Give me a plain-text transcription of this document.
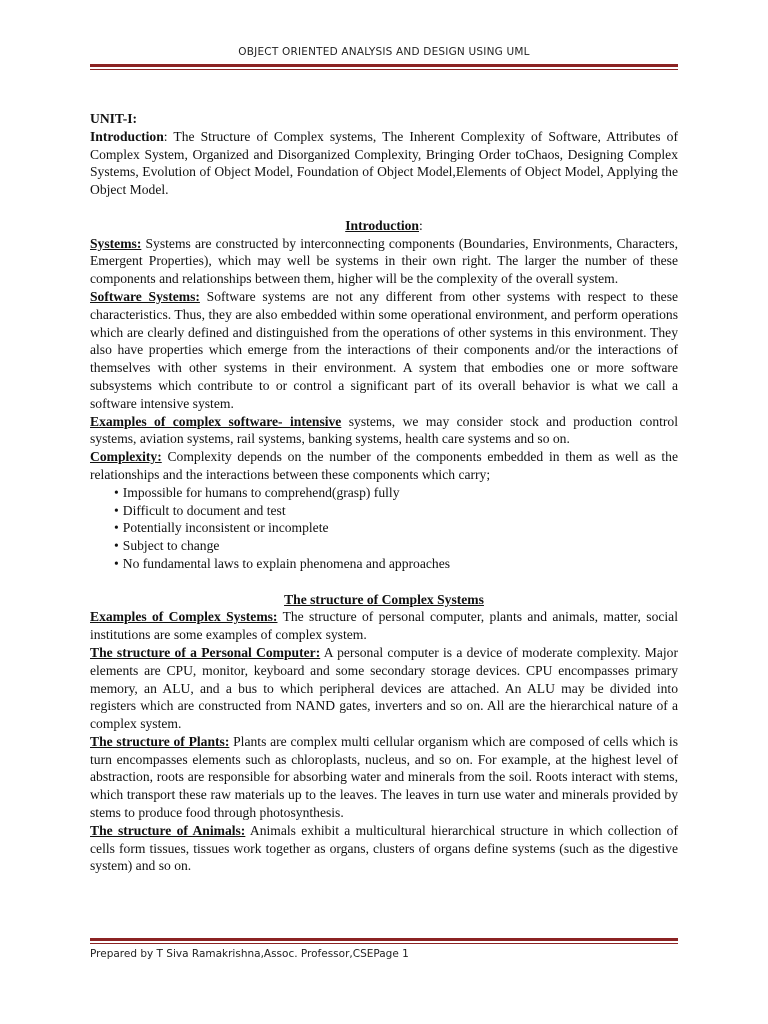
OBJECT ORIENTED ANALYSIS AND DESIGN USING UML

UNIT-I:

Introduction: The Structure of Complex systems, The Inherent Complexity of Software, Attributes of Complex System, Organized and Disorganized Complexity, Bringing Order toChaos, Designing Complex Systems, Evolution of Object Model, Foundation of Object Model,Elements of Object Model, Applying the Object Model.

Introduction:

Systems: Systems are constructed by interconnecting components (Boundaries, Environments, Characters, Emergent Properties), which may well be systems in their own right. The larger the number of these components and relationships between them, higher will be the complexity of the overall system.

Software Systems: Software systems are not any different from other systems with respect to these characteristics. Thus, they are also embedded within some operational environment, and perform operations which are clearly defined and distinguished from the operations of other systems in this environment. They also have properties which emerge from the interactions of their components and/or the interactions of themselves with other systems in their environment. A system that embodies one or more software subsystems which contribute to or control a significant part of its overall behavior is what we call a software intensive system.

Examples of complex software- intensive systems, we may consider stock and production control systems, aviation systems, rail systems, banking systems, health care systems and so on.

Complexity: Complexity depends on the number of the components embedded in them as well as the relationships and the interactions between these components which carry;

• Impossible for humans to comprehend(grasp) fully
• Difficult to document and test
• Potentially inconsistent or incomplete
• Subject to change
• No fundamental laws to explain phenomena and approaches

The structure of Complex Systems

Examples of Complex Systems: The structure of personal computer, plants and animals, matter, social institutions are some examples of complex system.

The structure of a Personal Computer: A personal computer is a device of moderate complexity. Major elements are CPU, monitor, keyboard and some secondary storage devices. CPU encompasses primary memory, an ALU, and a bus to which peripheral devices are attached. An ALU may be divided into registers which are constructed from NAND gates, inverters and so on. All are the hierarchical nature of a complex system.

The structure of Plants: Plants are complex multi cellular organism which are composed of cells which is turn encompasses elements such as chloroplasts, nucleus, and so on. For example, at the highest level of abstraction, roots are responsible for absorbing water and minerals from the soil. Roots interact with stems, which transport these raw materials up to the leaves. The leaves in turn use water and minerals provided by stems to produce food through photosynthesis.

The structure of Animals: Animals exhibit a multicultural hierarchical structure in which collection of cells form tissues, tissues work together as organs, clusters of organs define systems (such as the digestive system) and so on.

Prepared by T Siva Ramakrishna,Assoc. Professor,CSEPage 1
